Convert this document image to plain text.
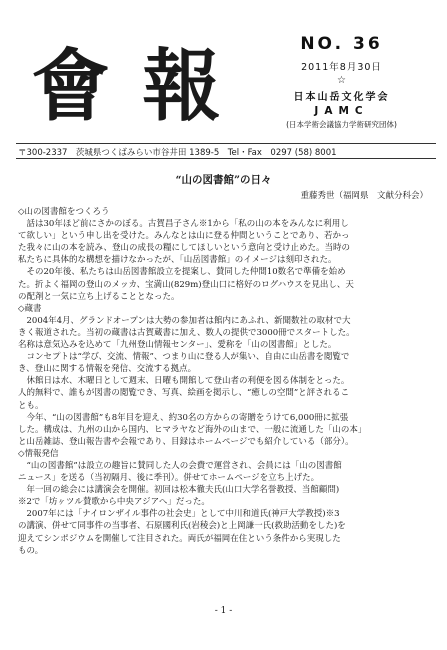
會 報	NO. 36
2011年8月30日
☆
日本山岳文化学会
JAMC
(日本学術会議協力学術研究団体)
〒300-2337　茨城県つくばみらい市谷井田 1389-5　Tel・Fax　0297 (58) 8001
“山の図書館”の日々
重藤秀世（福岡県　文献分科会）
◇山の図書館をつくろう
　話は30年ほど前にさかのぼる。古賀昌子さん※1から「私の山の本をみんなに利用し
て欲しい」という申し出を受けた。みんなとは山に登る仲間ということであり、若かっ
た我々に山の本を読み、登山の成長の糧にしてほしいという意向と受け止めた。当時の
私たちに具体的な構想を描けなかったが、「山岳図書館」のイメージは刻印された。
　その20年後、私たちは山岳図書館設立を提案し、賛同した仲間10数名で準備を始め
た。折よく福岡の登山のメッカ、宝満山(829m)登山口に格好のログハウスを見出し、天
の配剤と一気に立ち上げることとなった。
◇蔵書
　2004年4月、グランドオープンは大勢の参加者は館内にあふれ、新聞数社の取材で大
きく報道された。当初の蔵書は古賀蔵書に加え、数人の提供で3000冊でスタートした。
名称は意気込みを込めて「九州登山情報センター」、愛称を「山の図書館」とした。
　コンセプトは“学び、交流、情報”、つまり山に登る人が集い、自由に山岳書を閲覧で
き、登山に関する情報を発信、交流する拠点。
　休館日は水、木曜日として週末、日曜も開館して登山者の利便を図る体制をとった。
人的無料で、誰もが図書の閲覧でき、写真、絵画を掲示し、“癒しの空間”と評されるこ
とも。
　今年、“山の図書館”も8年目を迎え、約30名の方からの寄贈をうけて6,000冊に拡張
した。構成は、九州の山から国内、ヒマラヤなど海外の山まで、一般に流通した「山の本」
と山岳雑誌、登山報告書や会報であり、目録はホームページでも紹介している（部分）。
◇情報発信
　“山の図書館”は設立の趣旨に賛同した人の会費で運営され、会員には「山の図書館
ニュース」を送る（当初隔月、後に季刊）。併せてホームページを立ち上げた。
　年一回の総会には講演会を開催。初回は松本徹夫氏(山口大学名誉教授、当館顧問)
※2で「坊ヶツル賛歌から中央アジアへ」だった。
　2007年には「ナイロンザイル事件の社会史」として中川和道氏(神戸大学教授)※3
の講演、併せて同事件の当事者、石原國利氏(岩稜会)と上岡謙一氏(救助活動をした)を
迎えてシンポジウムを開催して注目された。両氏が福岡在住という条件から実現した
もの。
- 1 -
